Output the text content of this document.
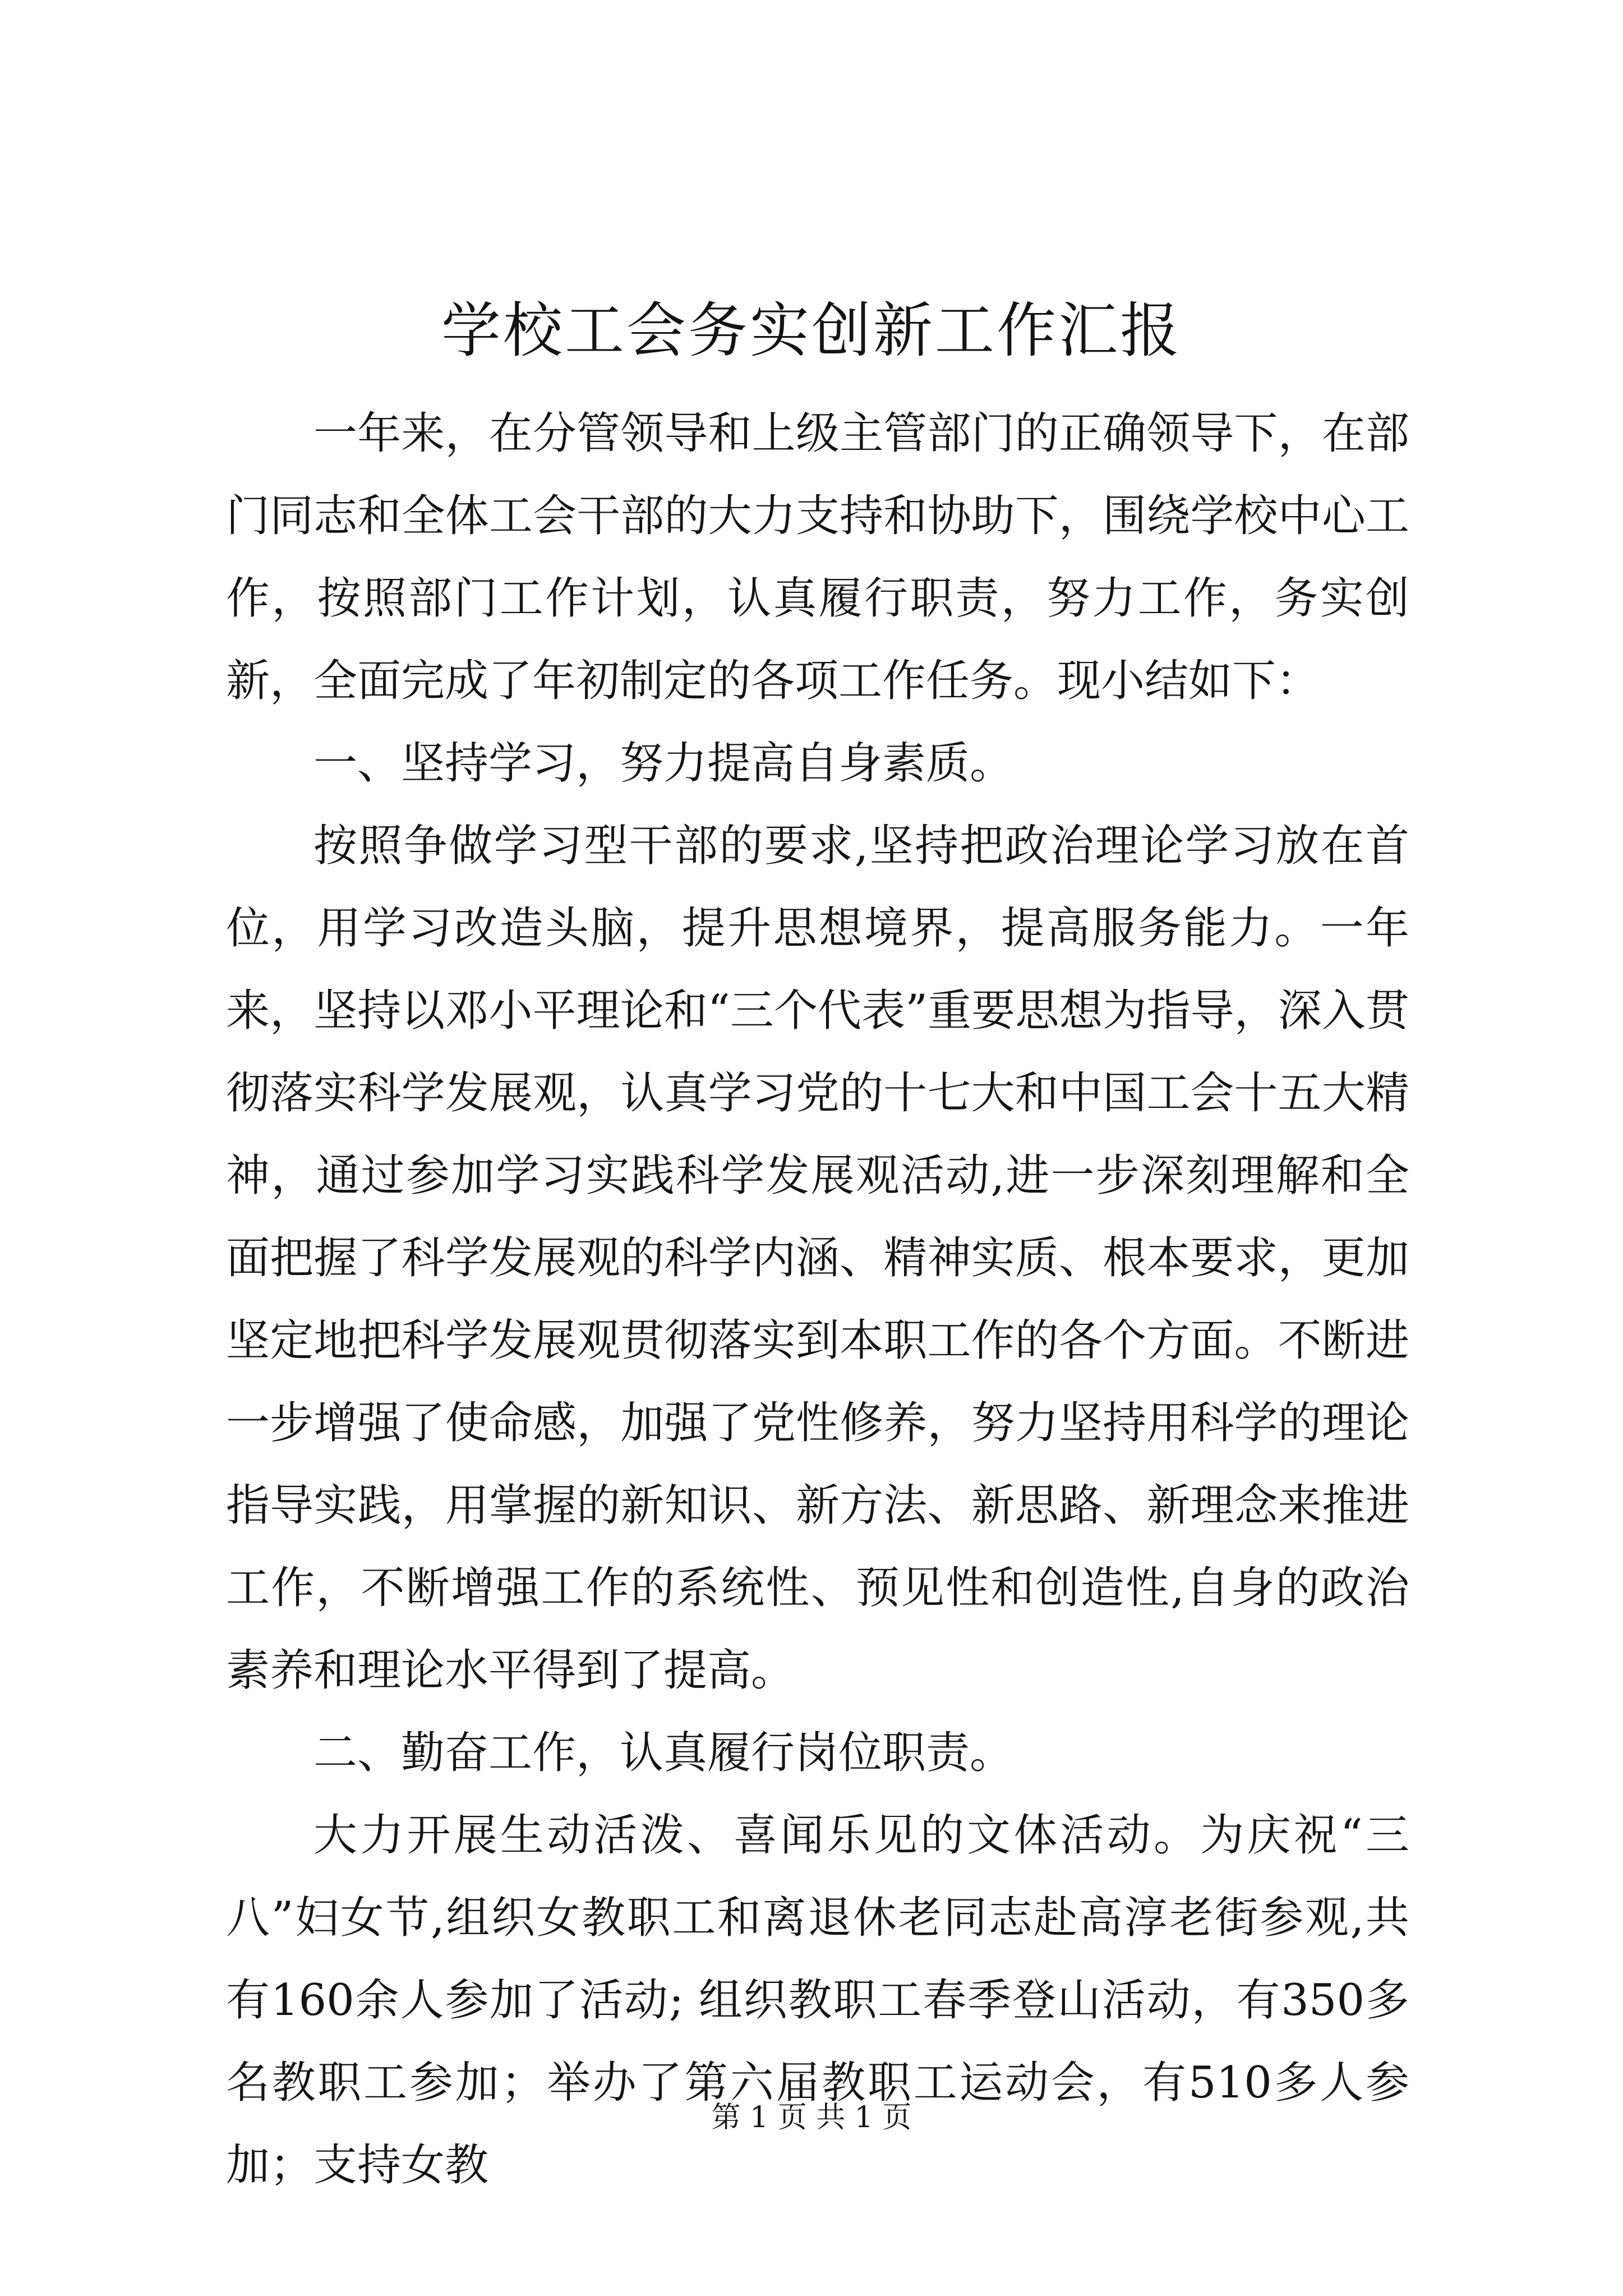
学校工会务实创新工作汇报

一年来，在分管领导和上级主管部门的正确领导下，在部门同志和全体工会干部的大力支持和协助下，围绕学校中心工作，按照部门工作计划，认真履行职责，努力工作，务实创新，全面完成了年初制定的各项工作任务。现小结如下：

一、坚持学习，努力提高自身素质。

按照争做学习型干部的要求,坚持把政治理论学习放在首位，用学习改造头脑，提升思想境界，提高服务能力。一年来，坚持以邓小平理论和“三个代表”重要思想为指导，深入贯彻落实科学发展观，认真学习党的十七大和中国工会十五大精神，通过参加学习实践科学发展观活动,进一步深刻理解和全面把握了科学发展观的科学内涵、精神实质、根本要求，更加坚定地把科学发展观贯彻落实到本职工作的各个方面。不断进一步增强了使命感，加强了党性修养，努力坚持用科学的理论指导实践，用掌握的新知识、新方法、新思路、新理念来推进工作，不断增强工作的系统性、预见性和创造性,自身的政治素养和理论水平得到了提高。

二、勤奋工作，认真履行岗位职责。

大力开展生动活泼、喜闻乐见的文体活动。为庆祝“三八”妇女节,组织女教职工和离退休老同志赴高淳老街参观,共有160余人参加了活动; 组织教职工春季登山活动，有350多名教职工参加；举办了第六届教职工运动会，有510多人参加；支持女教

第 1 页 共 1 页
